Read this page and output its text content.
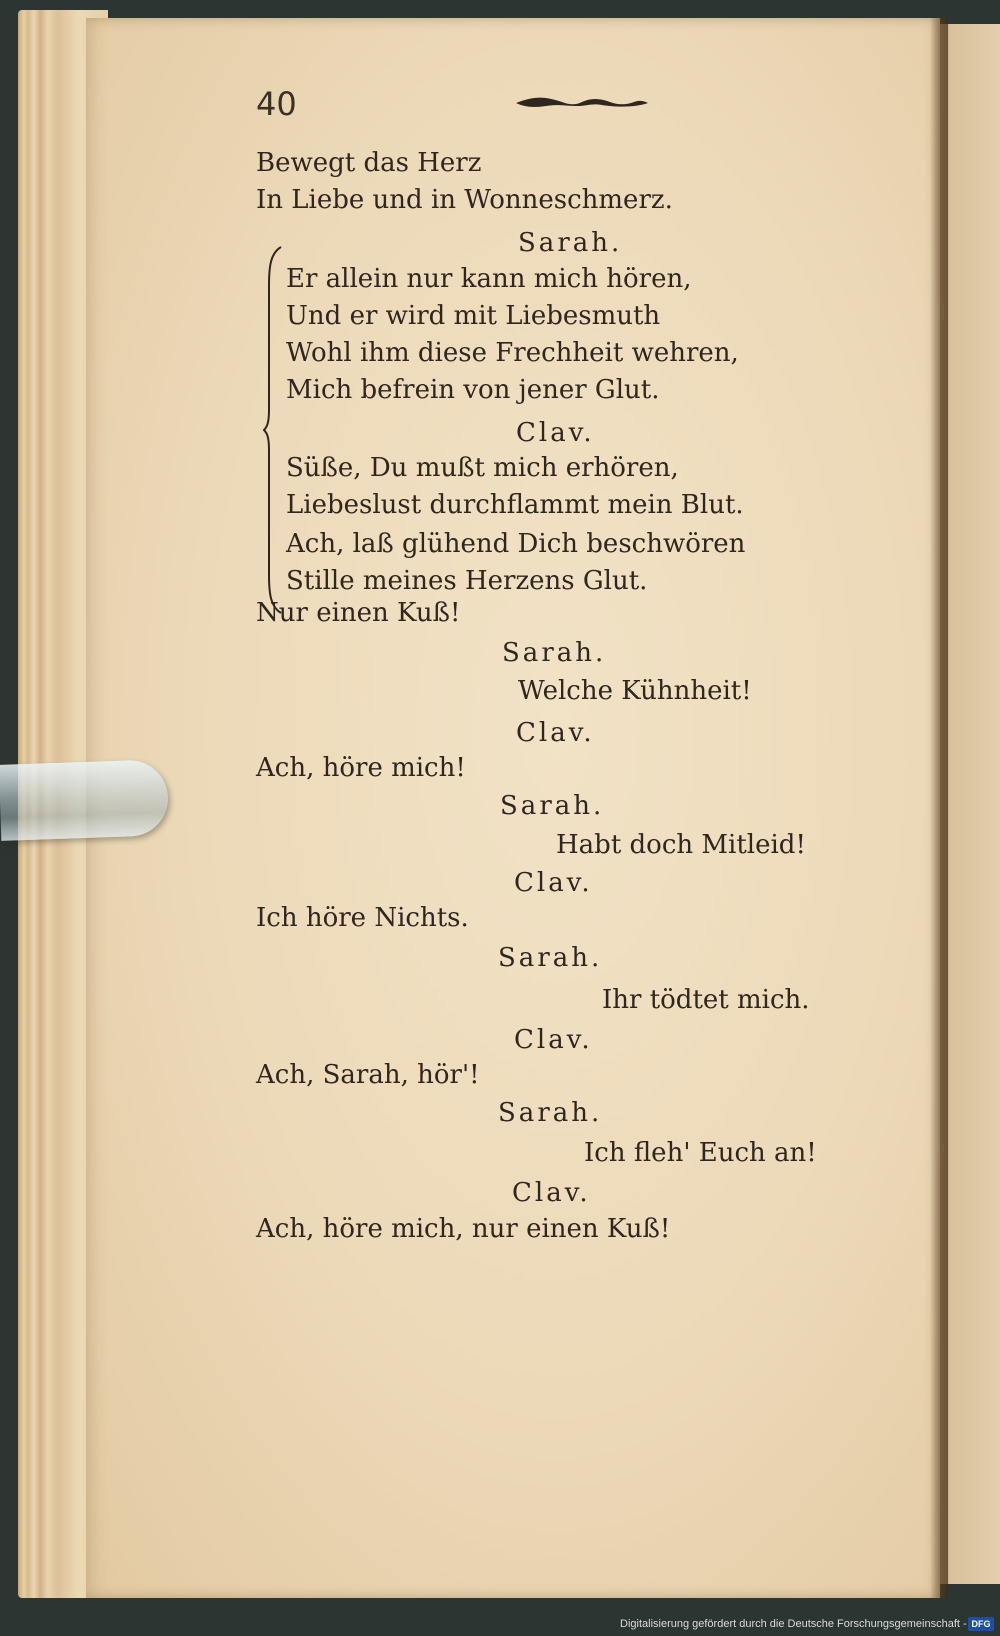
40
Bewegt das Herz
In Liebe und in Wonneschmerz.
Sarah.
Er allein nur kann mich hören,
Und er wird mit Liebesmuth
Wohl ihm diese Frechheit wehren,
Mich befrein von jener Glut.
Clav.
Süße, Du mußt mich erhören,
Liebeslust durchflammt mein Blut.
Ach, laß glühend Dich beschwören
Stille meines Herzens Glut.
Nur einen Kuß!
Sarah.
Welche Kühnheit!
Clav.
Ach, höre mich!
Sarah.
Habt doch Mitleid!
Clav.
Ich höre Nichts.
Sarah.
Ihr tödtet mich.
Clav.
Ach, Sarah, hör'!
Sarah.
Ich fleh' Euch an!
Clav.
Ach, höre mich, nur einen Kuß!
Digitalisierung gefördert durch die Deutsche Forschungsgemeinschaft - DFG
